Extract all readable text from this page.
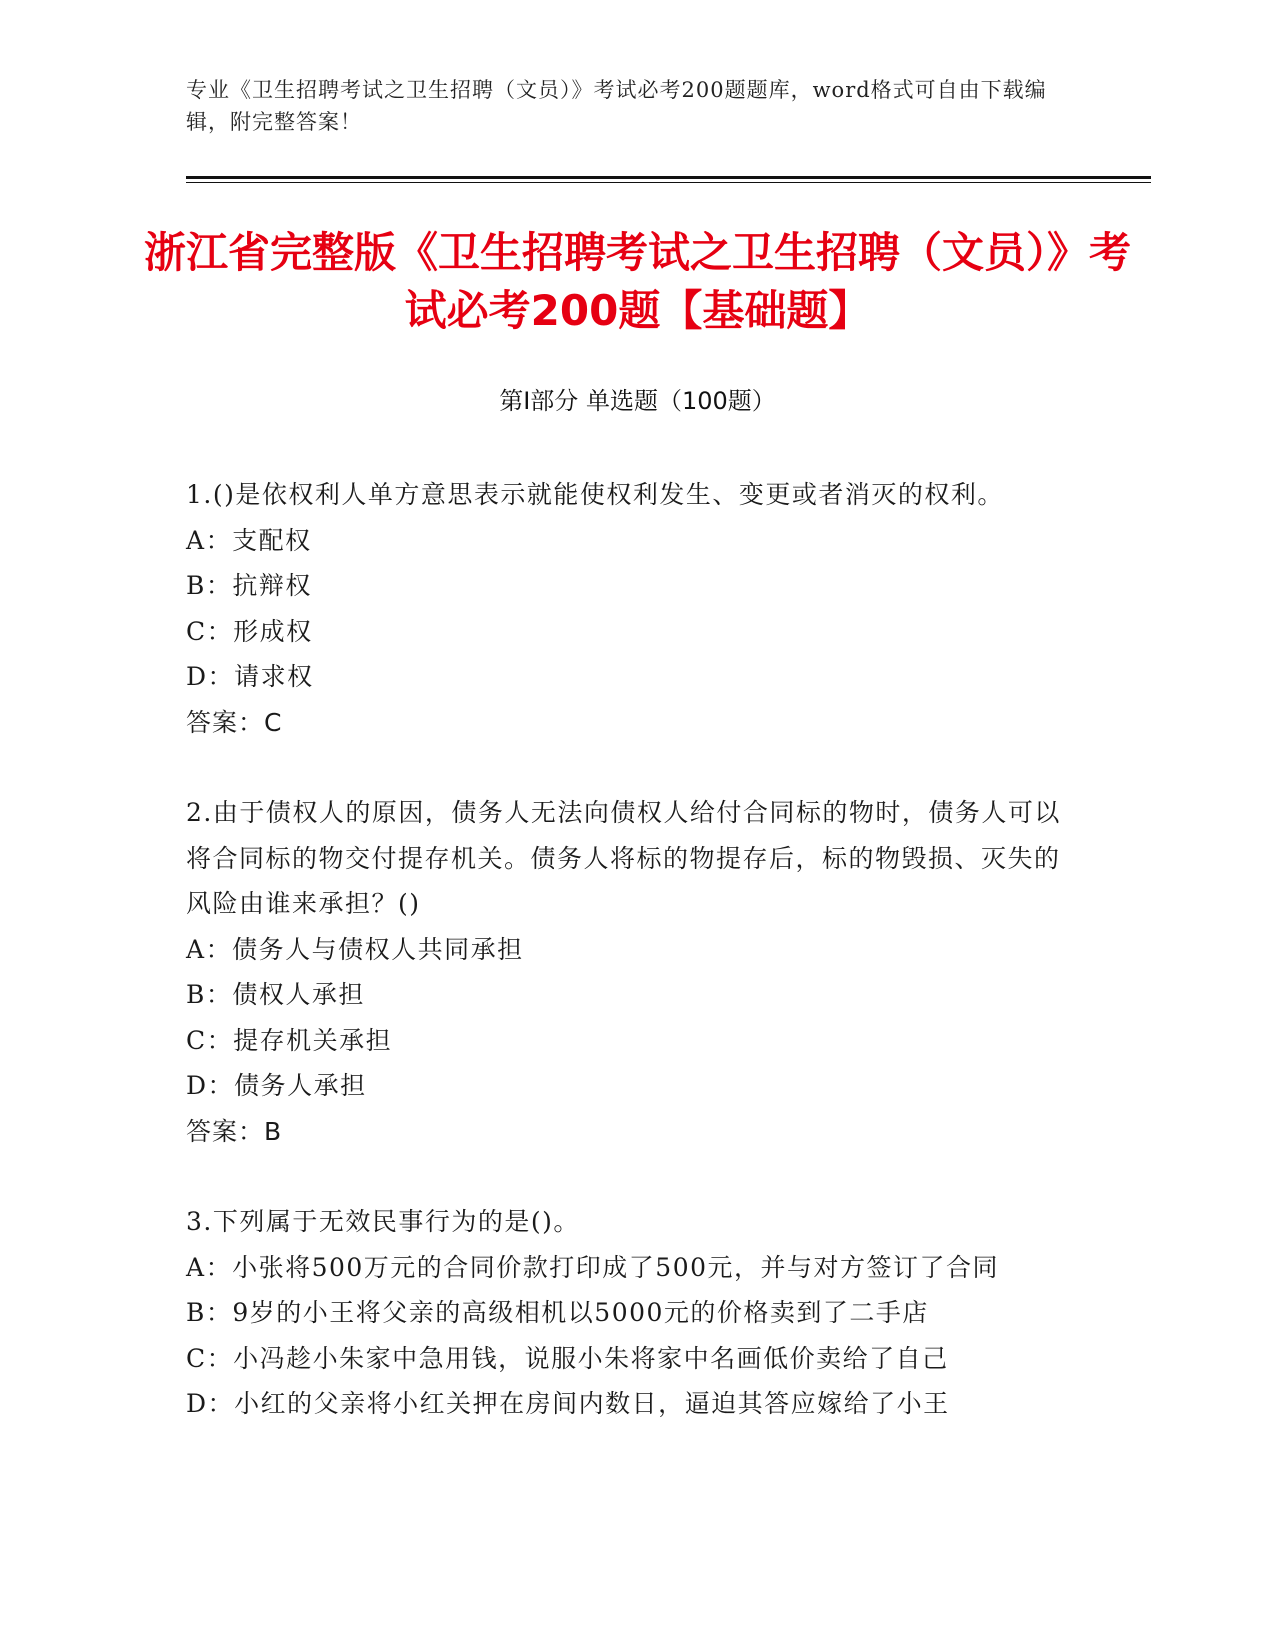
专业《卫生招聘考试之卫生招聘（文员）》考试必考200题题库，word格式可自由下载编辑，附完整答案！
浙江省完整版《卫生招聘考试之卫生招聘（文员）》考试必考200题【基础题】
第I部分 单选题（100题）
1.()是依权利人单方意思表示就能使权利发生、变更或者消灭的权利。
A：支配权
B：抗辩权
C：形成权
D：请求权
答案：C
2.由于债权人的原因，债务人无法向债权人给付合同标的物时，债务人可以将合同标的物交付提存机关。债务人将标的物提存后，标的物毁损、灭失的风险由谁来承担？()
A：债务人与债权人共同承担
B：债权人承担
C：提存机关承担
D：债务人承担
答案：B
3.下列属于无效民事行为的是()。
A：小张将500万元的合同价款打印成了500元，并与对方签订了合同
B：9岁的小王将父亲的高级相机以5000元的价格卖到了二手店
C：小冯趁小朱家中急用钱，说服小朱将家中名画低价卖给了自己
D：小红的父亲将小红关押在房间内数日，逼迫其答应嫁给了小王
